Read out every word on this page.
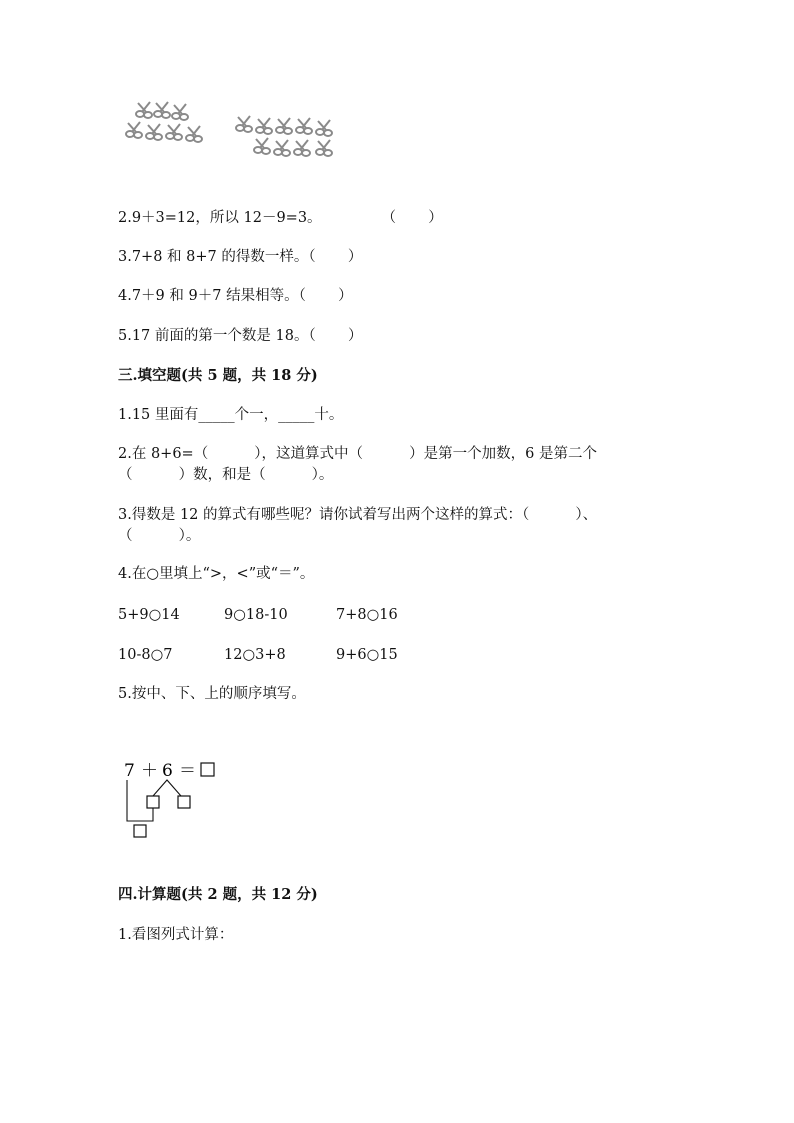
2.9＋3=12，所以 12－9=3。             （       ）
3.7+8 和 8+7 的得数一样。（       ）
4.7＋9 和 9＋7 结果相等。（       ）
5.17 前面的第一个数是 18。（       ）
三.填空题(共 5 题，共 18 分)
1.15 里面有_____个一，_____十。
2.在 8+6=（          ），这道算式中（          ）是第一个加数，6 是第二个
（          ）数，和是（          ）。
3.得数是 12 的算式有哪些呢？请你试着写出两个这样的算式：（          ）、
（          ）。
4.在○里填上“>，<”或“＝”。
5+9○14	9○18-10	7+8○16
10-8○7	12○3+8	9+6○15
5.按中、下、上的顺序填写。
7 ＋ 6 ＝
四.计算题(共 2 题，共 12 分)
1.看图列式计算：
